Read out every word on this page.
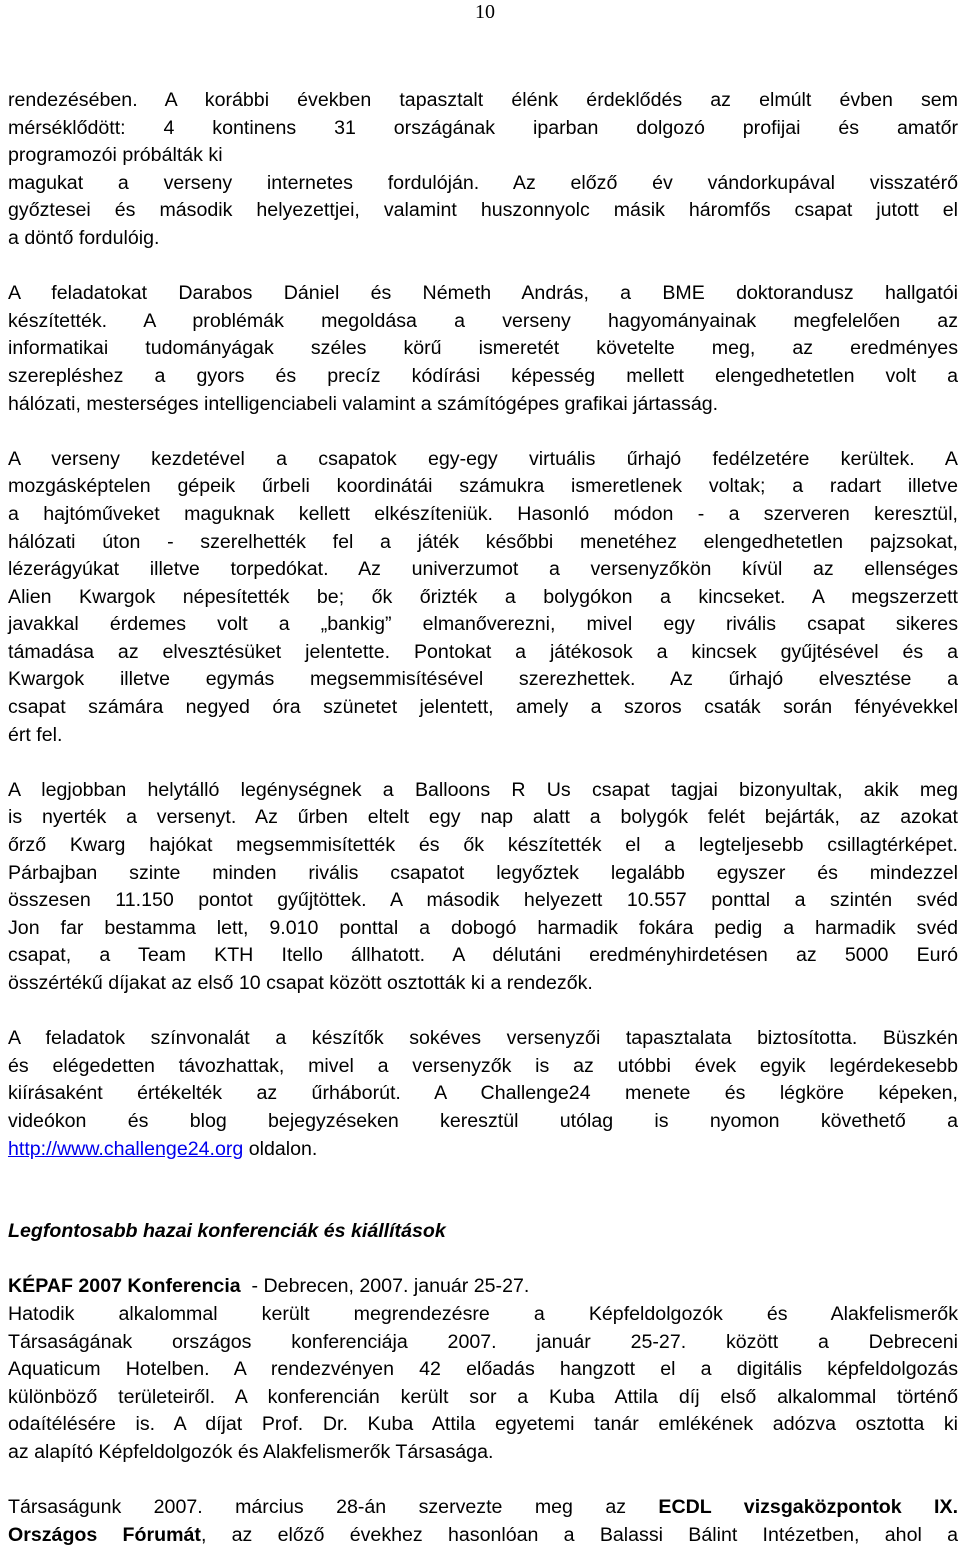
10
rendezésében. A korábbi években tapasztalt élénk érdeklődés az elmúlt évben sem
mérséklődött: 4 kontinens 31 országának iparban dolgozó profijai és amatőr
programozói próbálták ki
magukat a verseny internetes fordulóján. Az előző év vándorkupával visszatérő
győztesei és második helyezettjei, valamint huszonnyolc másik háromfős csapat jutott el
a döntő fordulóig.
A feladatokat Darabos Dániel és Németh András, a BME doktorandusz hallgatói
készítették. A problémák megoldása a verseny hagyományainak megfelelően az
informatikai tudományágak széles körű ismeretét követelte meg, az eredményes
szerepléshez a gyors és precíz kódírási képesség mellett elengedhetetlen volt a
hálózati, mesterséges intelligenciabeli valamint a számítógépes grafikai jártasság.
A verseny kezdetével a csapatok egy-egy virtuális űrhajó fedélzetére kerültek. A
mozgásképtelen gépeik űrbeli koordinátái számukra ismeretlenek voltak; a radart illetve
a hajtóműveket maguknak kellett elkészíteniük. Hasonló módon - a szerveren keresztül,
hálózati úton - szerelhették fel a játék későbbi menetéhez elengedhetetlen pajzsokat,
lézerágyúkat illetve torpedókat. Az univerzumot a versenyzőkön kívül az ellenséges
Alien Kwargok népesítették be; ők őrizték a bolygókon a kincseket. A megszerzett
javakkal érdemes volt a „bankig” elmanőverezni, mivel egy rivális csapat sikeres
támadása az elvesztésüket jelentette. Pontokat a játékosok a kincsek gyűjtésével és a
Kwargok illetve egymás megsemmisítésével szerezhettek. Az űrhajó elvesztése a
csapat számára negyed óra szünetet jelentett, amely a szoros csaták során fényévekkel
ért fel.
A legjobban helytálló legénységnek a Balloons R Us csapat tagjai bizonyultak, akik meg
is nyerték a versenyt. Az űrben eltelt egy nap alatt a bolygók felét bejárták, az azokat
őrző Kwarg hajókat megsemmisítették és ők készítették el a legteljesebb csillagtérképet.
Párbajban szinte minden rivális csapatot legyőztek legalább egyszer és mindezzel
összesen 11.150 pontot gyűjtöttek. A második helyezett 10.557 ponttal a szintén svéd
Jon far bestamma lett, 9.010 ponttal a dobogó harmadik fokára pedig a harmadik svéd
csapat, a Team KTH Itello állhatott. A délutáni eredményhirdetésen az 5000 Euró
összértékű díjakat az első 10 csapat között osztották ki a rendezők.
A feladatok színvonalát a készítők sokéves versenyzői tapasztalata biztosította. Büszkén
és elégedetten távozhattak, mivel a versenyzők is az utóbbi évek egyik legérdekesebb
kiírásaként értékelték az űrháborút. A Challenge24 menete és légköre képeken,
videókon és blog bejegyzéseken keresztül utólag is nyomon követhető a
http://www.challenge24.org oldalon.
Legfontosabb hazai konferenciák és kiállítások
KÉPAF 2007 Konferencia  - Debrecen, 2007. január 25-27.
Hatodik alkalommal került megrendezésre a Képfeldolgozók és Alakfelismerők
Társaságának országos konferenciája 2007. január 25-27. között a Debreceni
Aquaticum Hotelben. A rendezvényen 42 előadás hangzott el a digitális képfeldolgozás
különböző területeiről. A konferencián került sor a Kuba Attila díj első alkalommal történő
odaítélésére is. A díjat Prof. Dr. Kuba Attila egyetemi tanár emlékének adózva osztotta ki
az alapító Képfeldolgozók és Alakfelismerők Társasága.
Társaságunk 2007. március 28-án szervezte meg az ECDL vizsgaközpontok IX.
Országos Fórumát, az előző évekhez hasonlóan a Balassi Bálint Intézetben, ahol a
